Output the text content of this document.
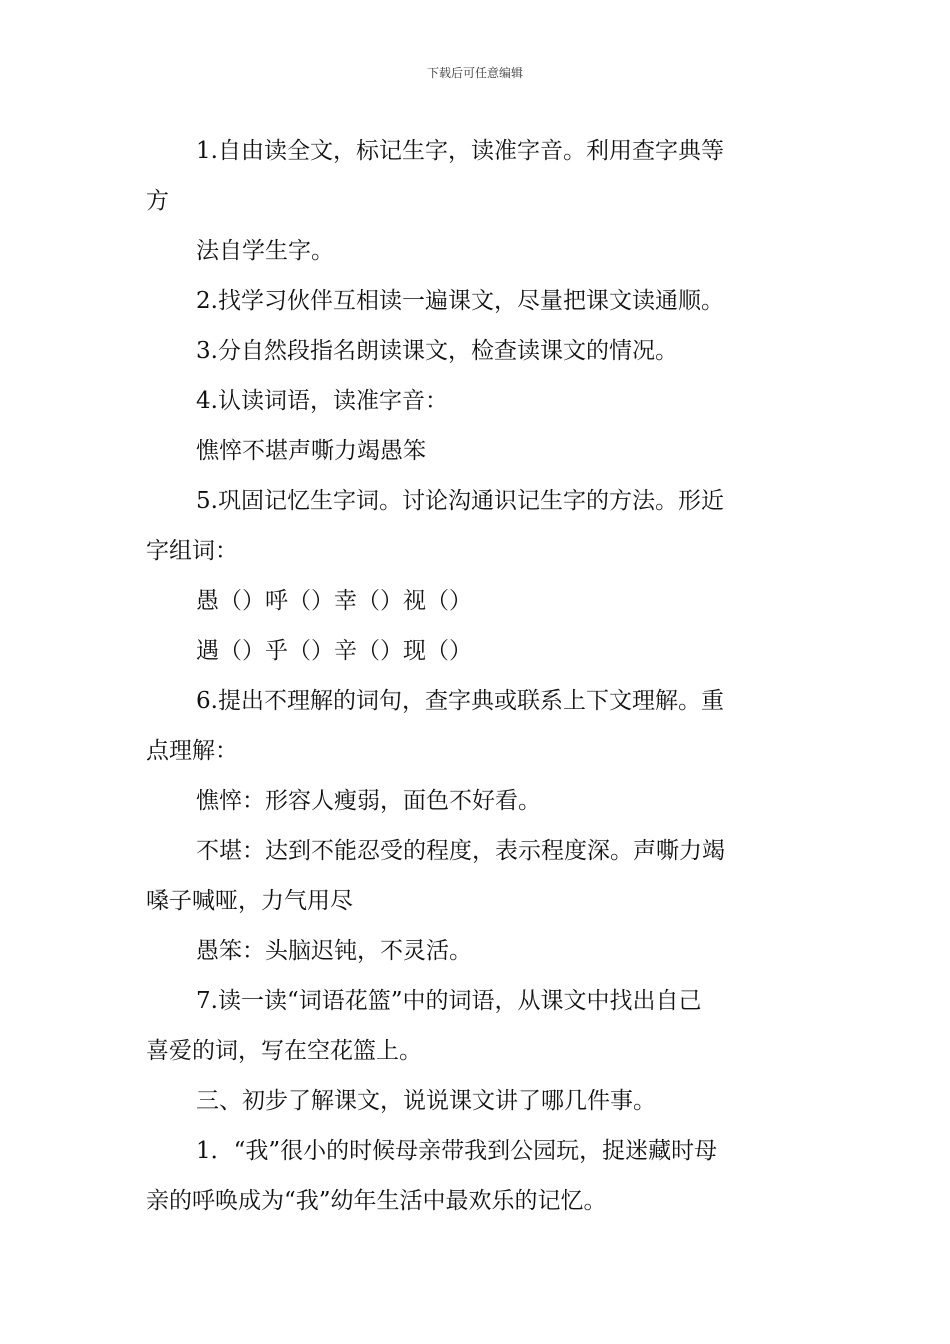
下载后可任意编辑
1.自由读全文，标记生字，读准字音。利用查字典等
方
法自学生字。
2.找学习伙伴互相读一遍课文，尽量把课文读通顺。
3.分自然段指名朗读课文，检查读课文的情况。
4.认读词语，读准字音：
憔悴不堪声嘶力竭愚笨
5.巩固记忆生字词。讨论沟通识记生字的方法。形近
字组词：
愚（）呼（）幸（）视（）
遇（）乎（）辛（）现（）
6.提出不理解的词句，查字典或联系上下文理解。重
点理解：
憔悴：形容人瘦弱，面色不好看。
不堪：达到不能忍受的程度，表示程度深。声嘶力竭
嗓子喊哑，力气用尽
愚笨：头脑迟钝，不灵活。
7.读一读“词语花篮”中的词语，从课文中找出自己
喜爱的词，写在空花篮上。
三、初步了解课文，说说课文讲了哪几件事。
1．“我”很小的时候母亲带我到公园玩，捉迷藏时母
亲的呼唤成为“我”幼年生活中最欢乐的记忆。
